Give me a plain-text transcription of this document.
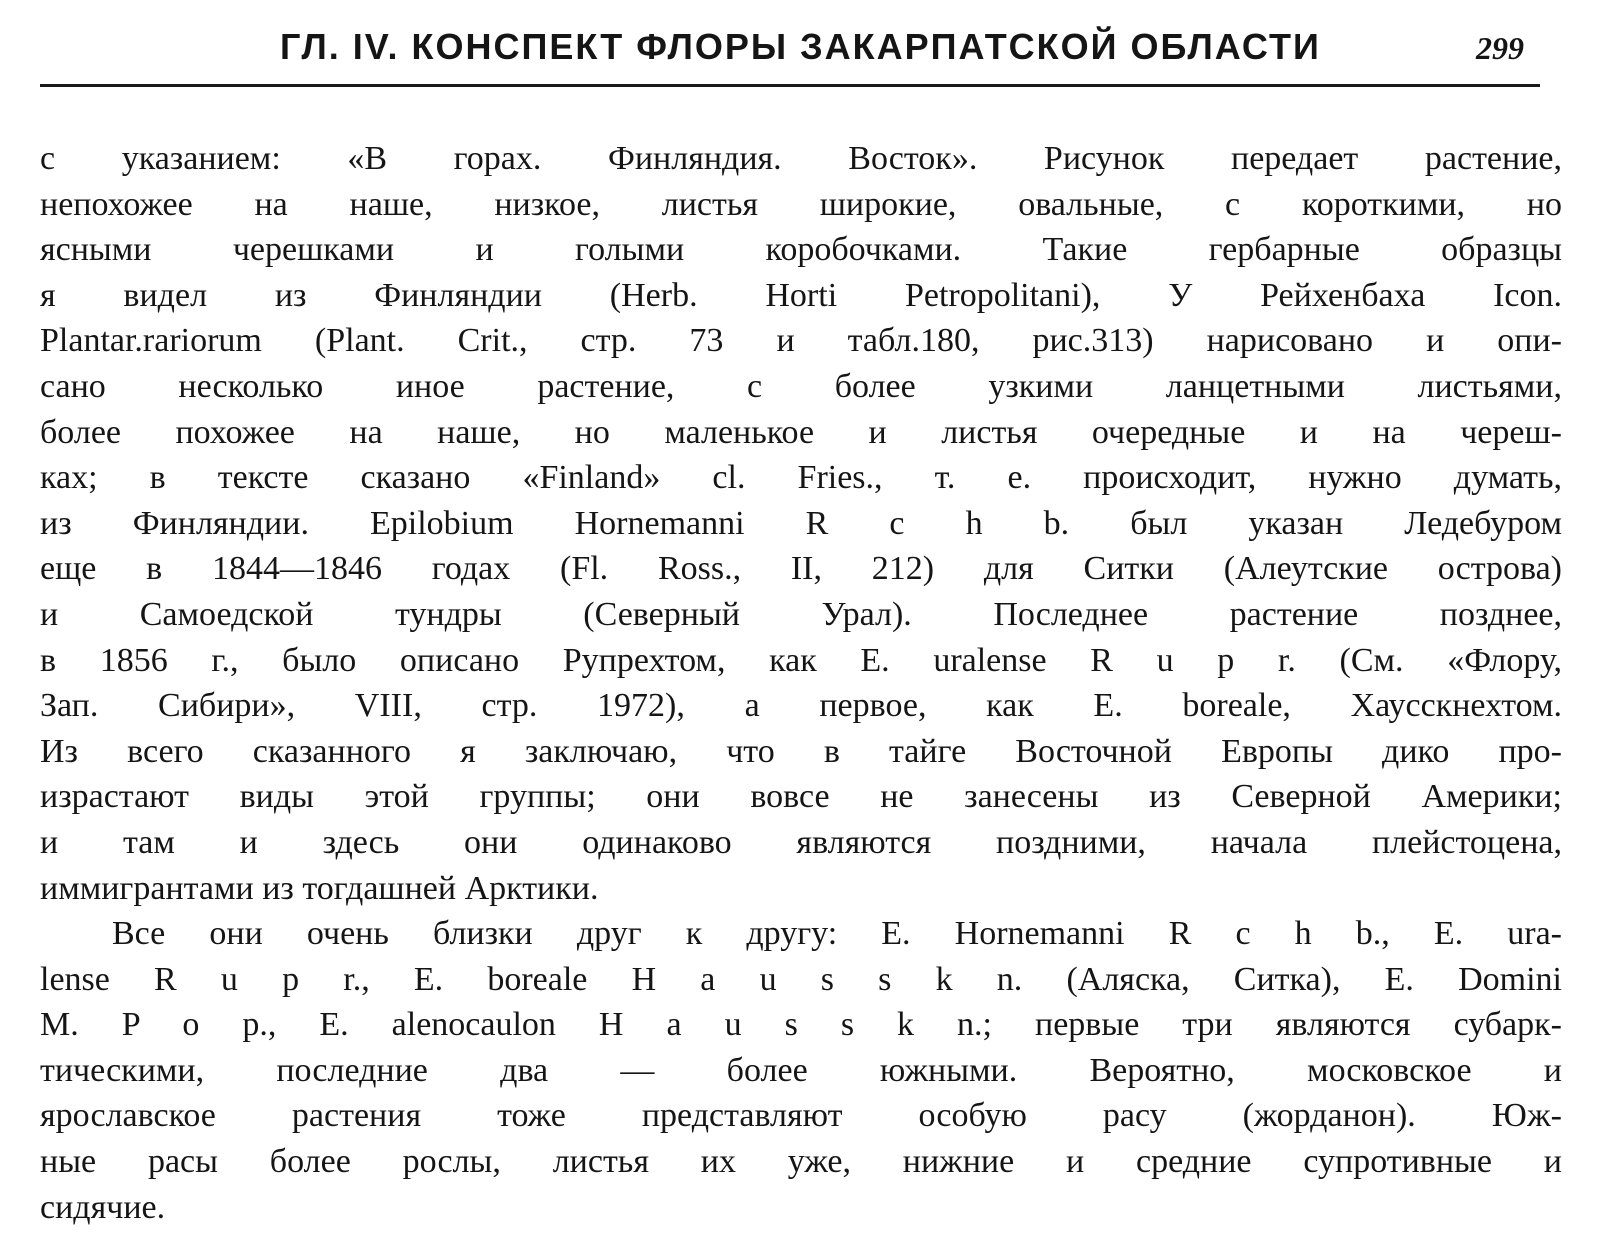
ГЛ. IV. КОНСПЕКТ ФЛОРЫ ЗАКАРПАТСКОЙ ОБЛАСТИ	299
с указанием: «В горах. Финляндия. Восток». Рисунок передает растение,
непохожее на наше, низкое, листья широкие, овальные, с короткими, но
ясными черешками и голыми коробочками. Такие гербарные образцы
я видел из Финляндии (Herb. Horti Petropolitani), У Рейхенбаха Icon.
Plantar.rariorum (Plant. Crit., стр. 73 и табл.180, рис.313) нарисовано и опи-
сано несколько иное растение, с более узкими ланцетными листьями,
более похожее на наше, но маленькое и листья очередные и на череш-
ках; в тексте сказано «Finland» cl. Fries., т. е. происходит, нужно думать,
из Финляндии. Epilobium Hornemanni R c h b. был указан Ледебуром
еще в 1844—1846 годах (Fl. Ross., II, 212) для Ситки (Алеутские острова)
и Самоедской тундры (Северный Урал). Последнее растение позднее,
в 1856 г., было описано Рупрехтом, как E. uralense R u p r. (См. «Флору,
Зап. Сибири», VIII, стр. 1972), а первое, как E. boreale, Хаусскнехтом.
Из всего сказанного я заключаю, что в тайге Восточной Европы дико про-
израстают виды этой группы; они вовсе не занесены из Северной Америки;
и там и здесь они одинаково являются поздними, начала плейстоцена,
иммигрантами из тогдашней Арктики.
Все они очень близки друг к другу: E. Hornemanni R c h b., E. ura-
lense R u p r., E. boreale H a u s s k n. (Аляска, Ситка), E. Domini
M. P o p., E. alenocaulon H a u s s k n.; первые три являются субарк-
тическими, последние два — более южными. Вероятно, московское и
ярославское растения тоже представляют особую расу (жорданон). Юж-
ные расы более рослы, листья их уже, нижние и средние супротивные и
сидячие.
